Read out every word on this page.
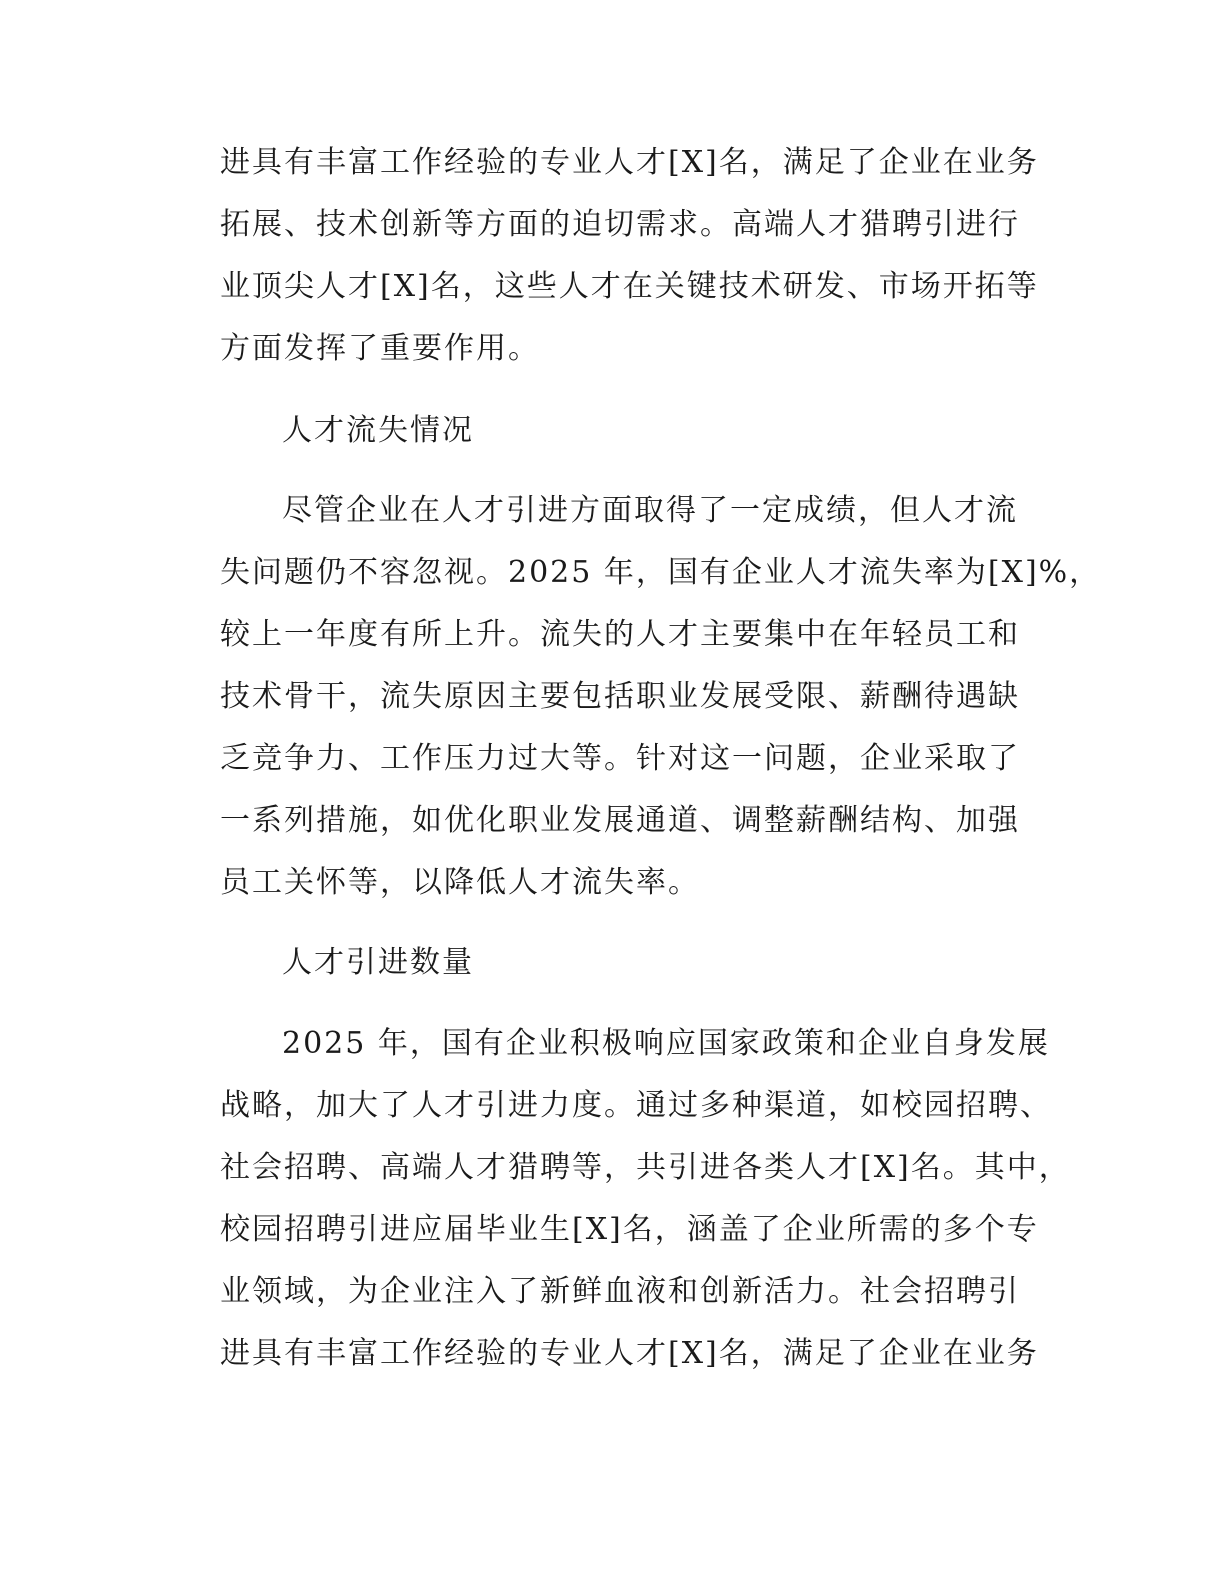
进具有丰富工作经验的专业人才[X]名，满足了企业在业务
拓展、技术创新等方面的迫切需求。高端人才猎聘引进行
业顶尖人才[X]名，这些人才在关键技术研发、市场开拓等
方面发挥了重要作用。
人才流失情况
尽管企业在人才引进方面取得了一定成绩，但人才流
失问题仍不容忽视。2025 年，国有企业人才流失率为[X]%，
较上一年度有所上升。流失的人才主要集中在年轻员工和
技术骨干，流失原因主要包括职业发展受限、薪酬待遇缺
乏竞争力、工作压力过大等。针对这一问题，企业采取了
一系列措施，如优化职业发展通道、调整薪酬结构、加强
员工关怀等，以降低人才流失率。
人才引进数量
2025 年，国有企业积极响应国家政策和企业自身发展
战略，加大了人才引进力度。通过多种渠道，如校园招聘、
社会招聘、高端人才猎聘等，共引进各类人才[X]名。其中，
校园招聘引进应届毕业生[X]名，涵盖了企业所需的多个专
业领域，为企业注入了新鲜血液和创新活力。社会招聘引
进具有丰富工作经验的专业人才[X]名，满足了企业在业务
